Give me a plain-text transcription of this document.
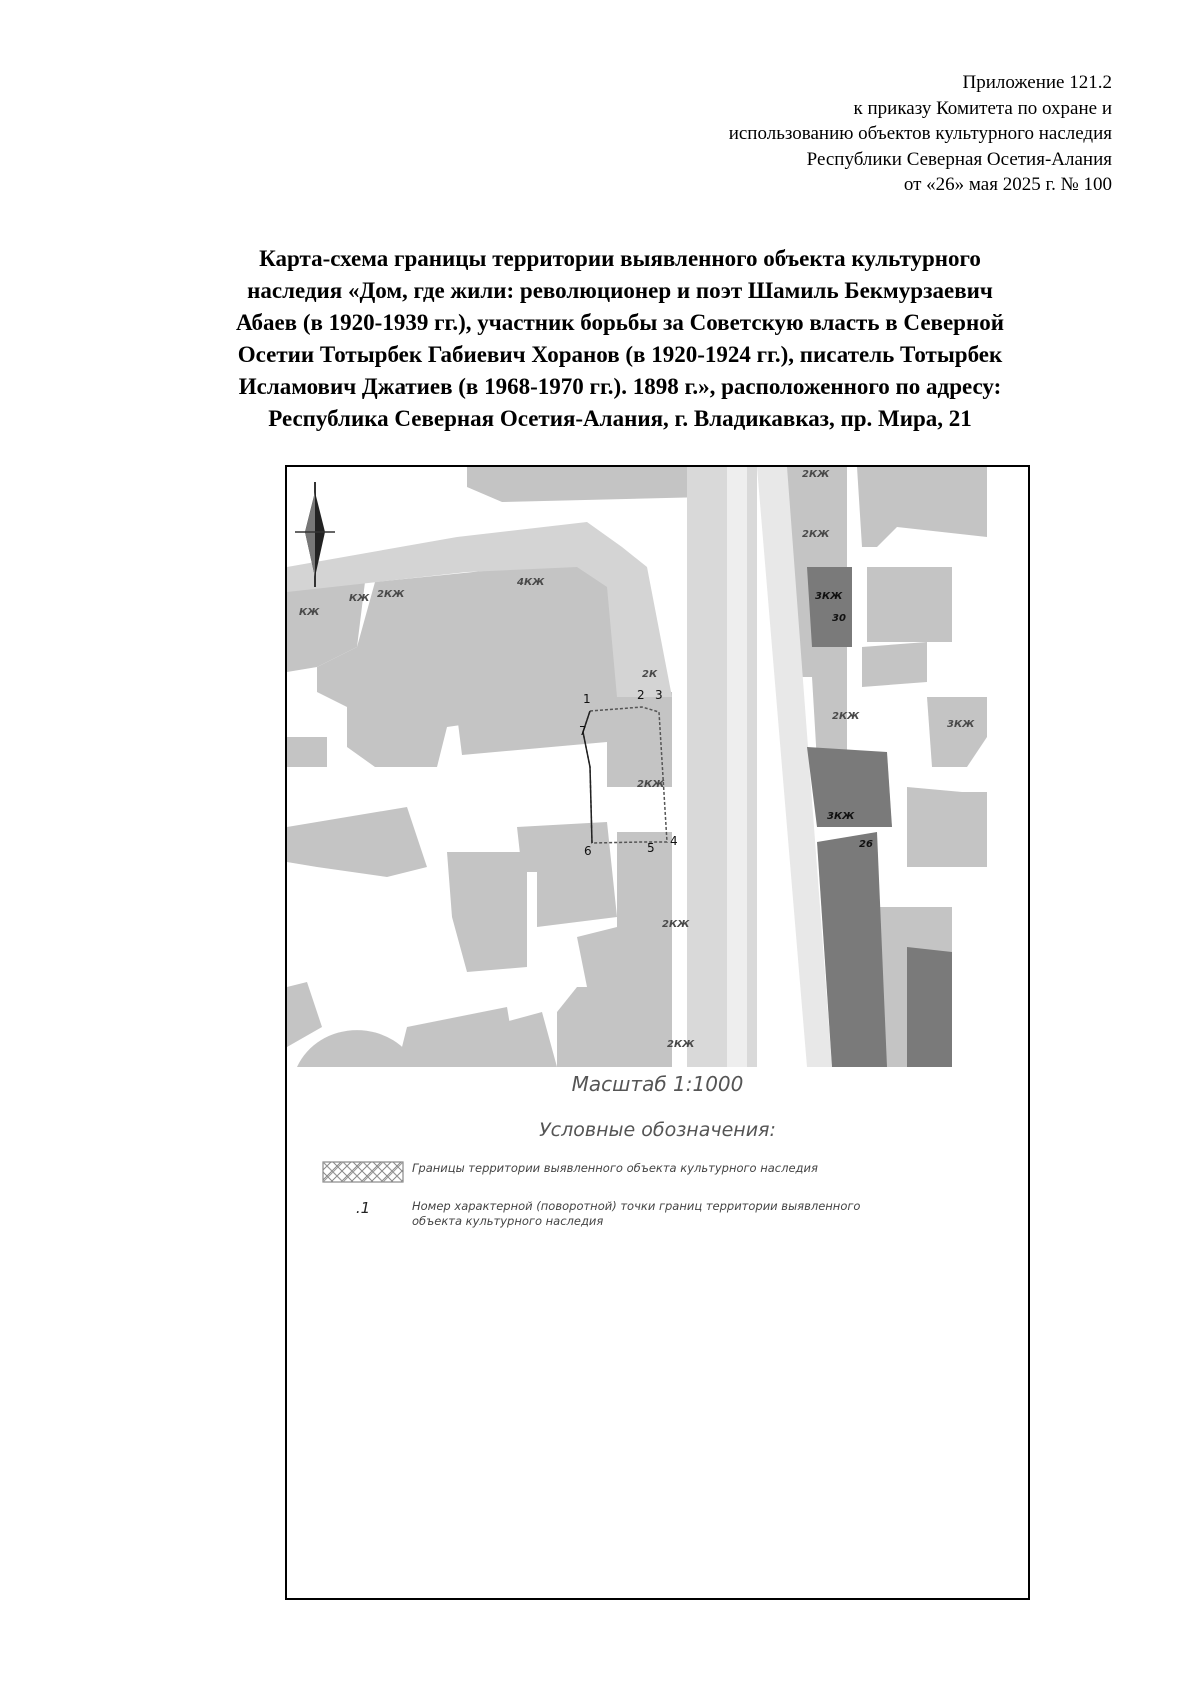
Приложение 121.2
к приказу Комитета по охране и
использованию объектов культурного наследия
Республики Северная Осетия-Алания
от «26» мая 2025 г. № 100
Карта-схема границы территории выявленного объекта культурного
наследия «Дом, где жили: революционер и поэт Шамиль Бекмурзаевич
Абаев (в 1920-1939 гг.), участник борьбы за Советскую власть в Северной
Осетии Тотырбек Габиевич Хоранов (в 1920-1924 гг.), писатель Тотырбек
Исламович Джатиев (в 1968-1970 гг.). 1898 г.», расположенного по адресу:
Республика Северная Осетия-Алания, г. Владикавказ, пр. Мира, 21
2КЖ
2КЖ
2КЖ
КЖ
КЖ
4КЖ
2К
2КЖ
2КЖ
2КЖ
3КЖ
2КЖ
3КЖ
3КЖ
30
26
1	2 3
4
5
6
7
Масштаб 1:1000
Условные обозначения:
Границы территории выявленного объекта культурного наследия
.1	Номер характерной (поворотной) точки границ территории выявленного объекта культурного наследия
